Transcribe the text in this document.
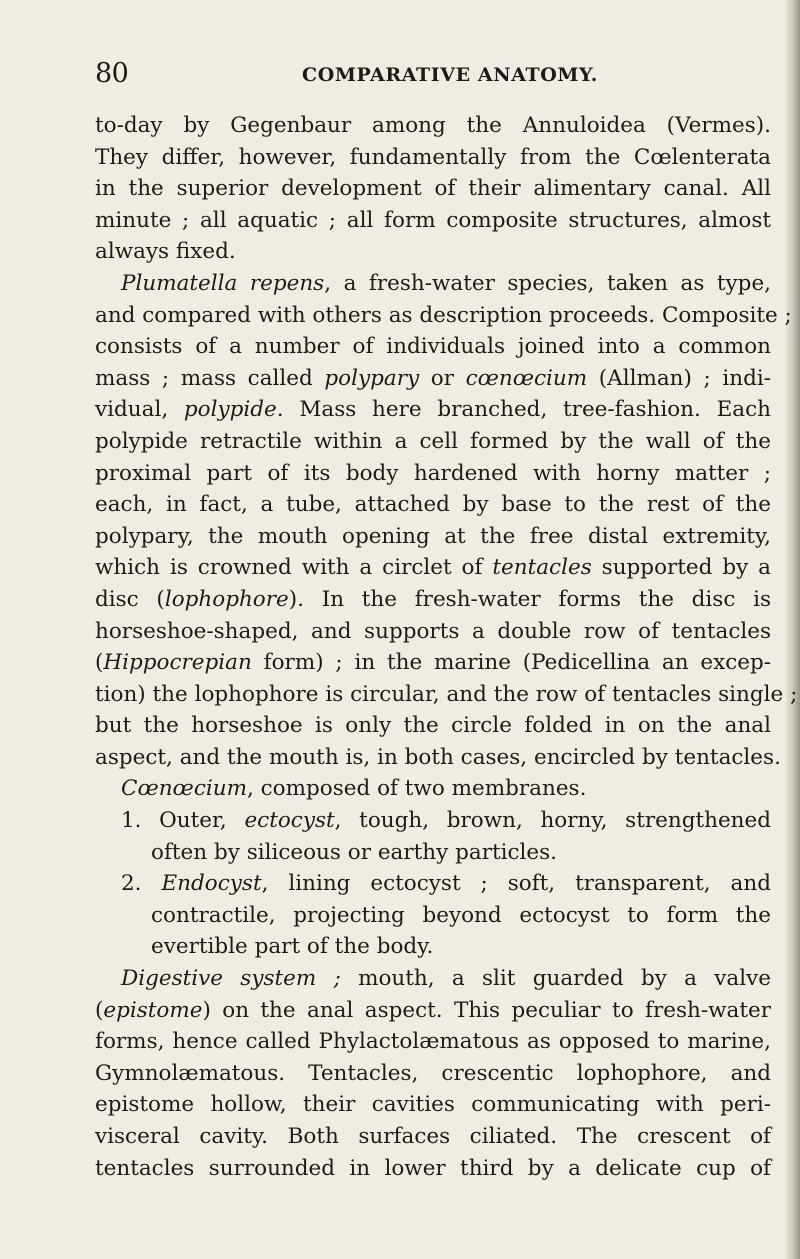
80	COMPARATIVE ANATOMY.
to-day by Gegenbaur among the Annuloidea (Vermes).
They differ, however, fundamentally from the Cœlenterata
in the superior development of their alimentary canal. All
minute ; all aquatic ; all form composite structures, almost
always fixed.
Plumatella repens, a fresh-water species, taken as type,
and compared with others as description proceeds. Composite ;
consists of a number of individuals joined into a common
mass ; mass called polypary or cœnœcium (Allman) ; indi-
vidual, polypide. Mass here branched, tree-fashion. Each
polypide retractile within a cell formed by the wall of the
proximal part of its body hardened with horny matter ;
each, in fact, a tube, attached by base to the rest of the
polypary, the mouth opening at the free distal extremity,
which is crowned with a circlet of tentacles supported by a
disc (lophophore). In the fresh-water forms the disc is
horseshoe-shaped, and supports a double row of tentacles
(Hippocrepian form) ; in the marine (Pedicellina an excep-
tion) the lophophore is circular, and the row of tentacles single ;
but the horseshoe is only the circle folded in on the anal
aspect, and the mouth is, in both cases, encircled by tentacles.
Cœnœcium, composed of two membranes.
1. Outer, ectocyst, tough, brown, horny, strengthened
often by siliceous or earthy particles.
2. Endocyst, lining ectocyst ; soft, transparent, and
contractile, projecting beyond ectocyst to form the
evertible part of the body.
Digestive system ; mouth, a slit guarded by a valve
(epistome) on the anal aspect. This peculiar to fresh-water
forms, hence called Phylactolæmatous as opposed to marine,
Gymnolæmatous. Tentacles, crescentic lophophore, and
epistome hollow, their cavities communicating with peri-
visceral cavity. Both surfaces ciliated. The crescent of
tentacles surrounded in lower third by a delicate cup of
